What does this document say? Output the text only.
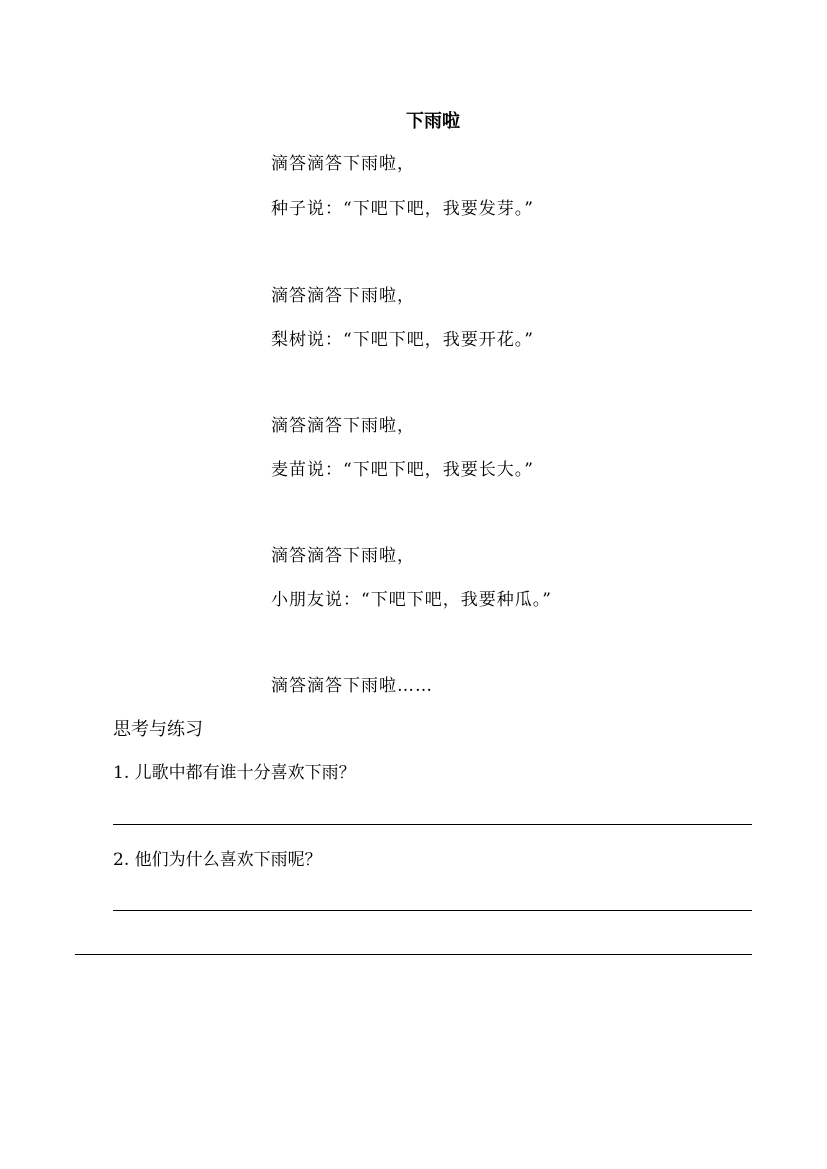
下雨啦
滴答滴答下雨啦，
种子说：“下吧下吧，我要发芽。”
滴答滴答下雨啦，
梨树说：“下吧下吧，我要开花。”
滴答滴答下雨啦，
麦苗说：“下吧下吧，我要长大。”
滴答滴答下雨啦，
小朋友说：“下吧下吧，我要种瓜。”
滴答滴答下雨啦……
思考与练习
1. 儿歌中都有谁十分喜欢下雨？
2. 他们为什么喜欢下雨呢？
